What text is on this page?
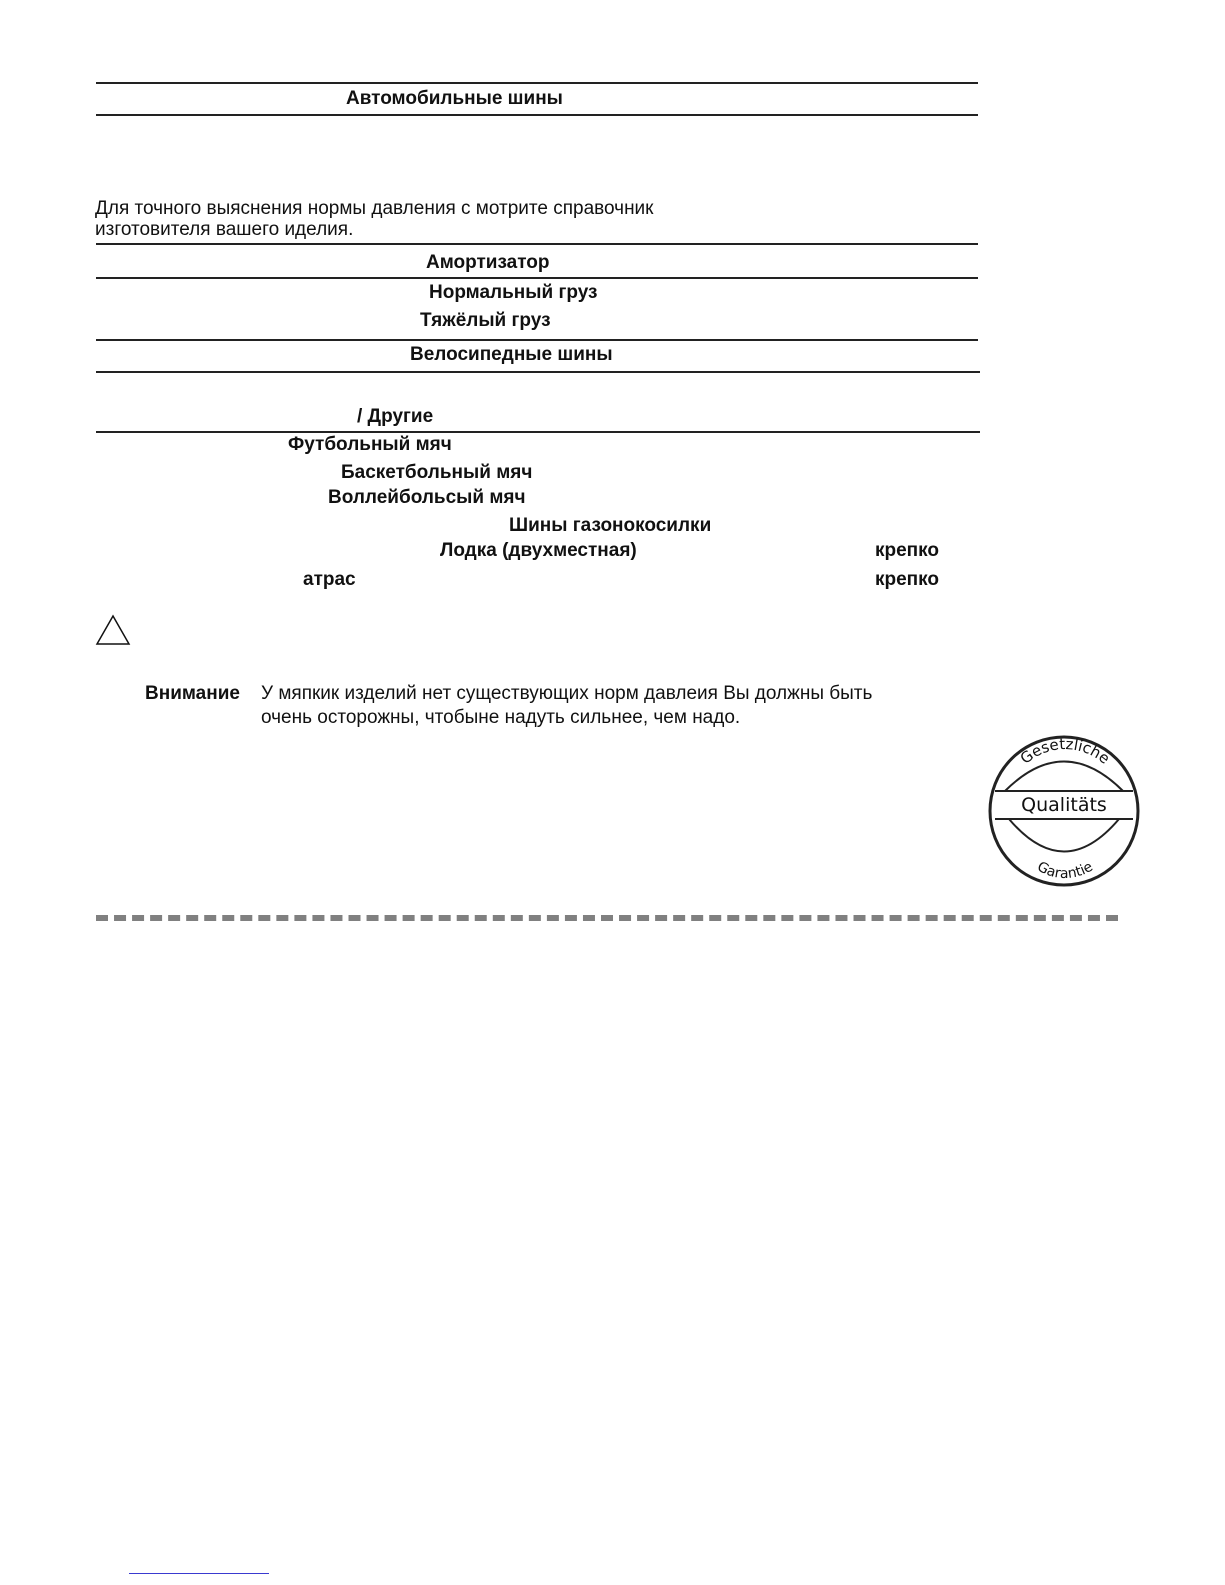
Автомобильные шины
Для точного выяснения нормы давления с мотрите справочник изготовителя вашего иделия.
Амортизатор
Нормальный груз
Тяжёлый груз
Велосипедные шины
/ Другие
Футбольный мяч
Баскетбольный мяч
Воллейбольсый мяч
Шины газонокосилки
Лодка (двухместная)	крепко
атрас	крепко
Внимание У мяпкик изделий нет существующих норм давлеия Вы должны быть
очень осторожны, чтобыне надуть сильнее, чем надо.
Gesetzliche
Qualitäts
Garantie
